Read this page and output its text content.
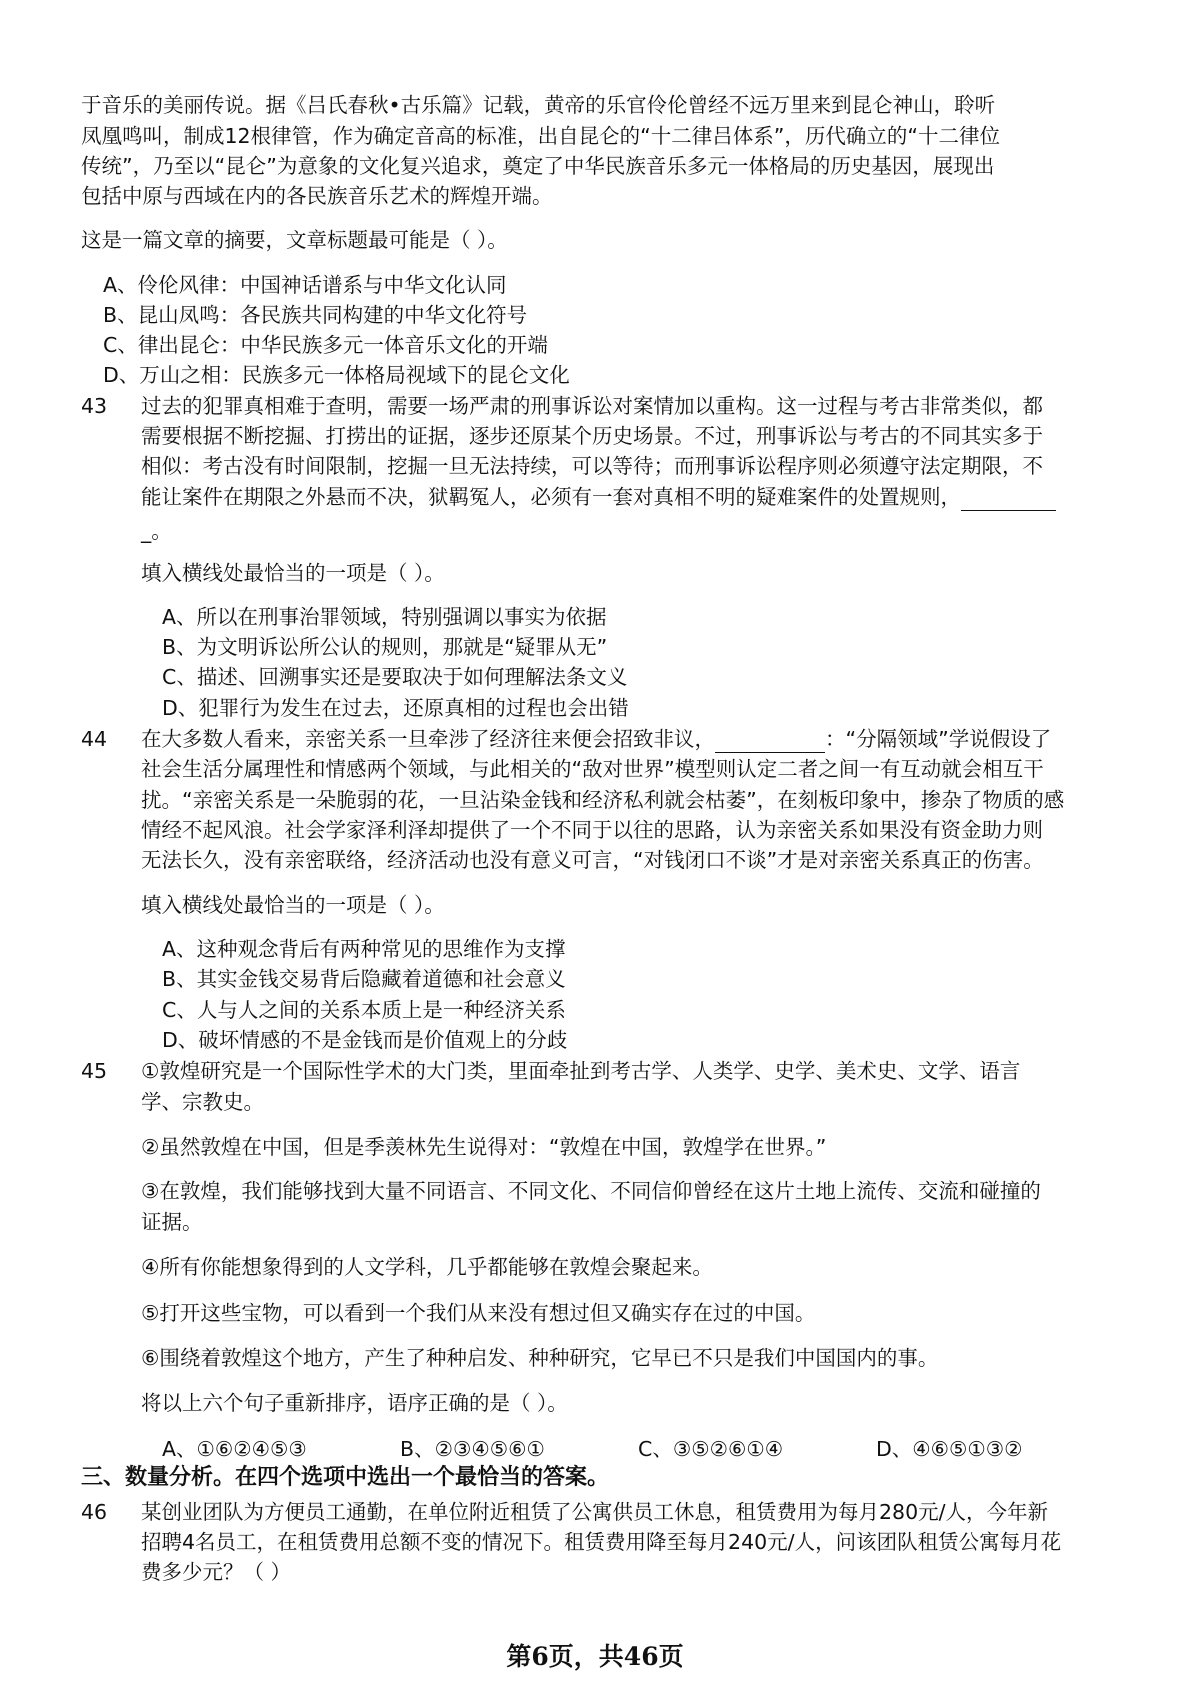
于音乐的美丽传说。据《吕氏春秋•古乐篇》记载，黄帝的乐官伶伦曾经不远万里来到昆仑神山，聆听
凤凰鸣叫，制成12根律管，作为确定音高的标准，出自昆仑的“十二律吕体系”，历代确立的“十二律位
传统”，乃至以“昆仑”为意象的文化复兴追求，奠定了中华民族音乐多元一体格局的历史基因，展现出
包括中原与西域在内的各民族音乐艺术的辉煌开端。
这是一篇文章的摘要，文章标题最可能是（ ）。
A、伶伦风律：中国神话谱系与中华文化认同
B、昆山凤鸣：各民族共同构建的中华文化符号
C、律出昆仑：中华民族多元一体音乐文化的开端
D、万山之相：民族多元一体格局视域下的昆仑文化
43 过去的犯罪真相难于查明，需要一场严肃的刑事诉讼对案情加以重构。这一过程与考古非常类似，都
需要根据不断挖掘、打捞出的证据，逐步还原某个历史场景。不过，刑事诉讼与考古的不同其实多于
相似：考古没有时间限制，挖掘一旦无法持续，可以等待；而刑事诉讼程序则必须遵守法定期限，不
能让案件在期限之外悬而不决，狱羁冤人，必须有一套对真相不明的疑难案件的处置规则，
_。
填入横线处最恰当的一项是（ ）。
A、所以在刑事治罪领域，特别强调以事实为依据
B、为文明诉讼所公认的规则，那就是“疑罪从无”
C、描述、回溯事实还是要取决于如何理解法条文义
D、犯罪行为发生在过去，还原真相的过程也会出错
44 在大多数人看来，亲密关系一旦牵涉了经济往来便会招致非议，	：“分隔领域”学说假设了
社会生活分属理性和情感两个领域，与此相关的“敌对世界”模型则认定二者之间一有互动就会相互干
扰。“亲密关系是一朵脆弱的花，一旦沾染金钱和经济私利就会枯萎”，在刻板印象中，掺杂了物质的感
情经不起风浪。社会学家泽利泽却提供了一个不同于以往的思路，认为亲密关系如果没有资金助力则
无法长久，没有亲密联络，经济活动也没有意义可言，“对钱闭口不谈”才是对亲密关系真正的伤害。
填入横线处最恰当的一项是（ ）。
A、这种观念背后有两种常见的思维作为支撑
B、其实金钱交易背后隐藏着道德和社会意义
C、人与人之间的关系本质上是一种经济关系
D、破坏情感的不是金钱而是价值观上的分歧
45 ①敦煌研究是一个国际性学术的大门类，里面牵扯到考古学、人类学、史学、美术史、文学、语言
学、宗教史。
②虽然敦煌在中国，但是季羡林先生说得对：“敦煌在中国，敦煌学在世界。”
③在敦煌，我们能够找到大量不同语言、不同文化、不同信仰曾经在这片土地上流传、交流和碰撞的
证据。
④所有你能想象得到的人文学科，几乎都能够在敦煌会聚起来。
⑤打开这些宝物，可以看到一个我们从来没有想过但又确实存在过的中国。
⑥围绕着敦煌这个地方，产生了种种启发、种种研究，它早已不只是我们中国国内的事。
将以上六个句子重新排序，语序正确的是（ ）。
A、①⑥②④⑤③	B、②③④⑤⑥①	C、③⑤②⑥①④	D、④⑥⑤①③②
三、数量分析。在四个选项中选出一个最恰当的答案。
46 某创业团队为方便员工通勤，在单位附近租赁了公寓供员工休息，租赁费用为每月280元/人，今年新
招聘4名员工，在租赁费用总额不变的情况下。租赁费用降至每月240元/人，问该团队租赁公寓每月花
费多少元？（ ）
第6页，共46页
